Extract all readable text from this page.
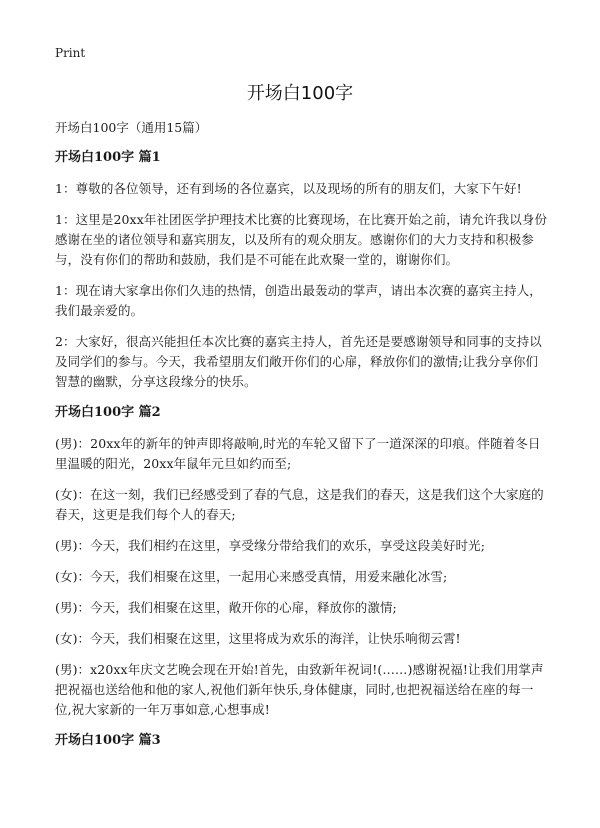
Print
开场白100字

开场白100字（通用15篇）

开场白100字 篇1

1：尊敬的各位领导，还有到场的各位嘉宾，以及现场的所有的朋友们，大家下午好!

1：这里是20xx年社团医学护理技术比赛的比赛现场，在比赛开始之前，请允许我以身份感谢在坐的诸位领导和嘉宾朋友，以及所有的观众朋友。感谢你们的大力支持和积极参与，没有你们的帮助和鼓励，我们是不可能在此欢聚一堂的，谢谢你们。

1：现在请大家拿出你们久违的热情，创造出最轰动的掌声，请出本次赛的嘉宾主持人，我们最亲爱的。

2：大家好，很高兴能担任本次比赛的嘉宾主持人，首先还是要感谢领导和同事的支持以及同学们的参与。今天，我希望朋友们敞开你们的心扉，释放你们的激情;让我分享你们智慧的幽默，分享这段缘分的快乐。

开场白100字 篇2

(男)：20xx年的新年的钟声即将敲响,时光的车轮又留下了一道深深的印痕。伴随着冬日里温暖的阳光，20xx年鼠年元旦如约而至;

(女)：在这一刻，我们已经感受到了春的气息，这是我们的春天，这是我们这个大家庭的春天，这更是我们每个人的春天;

(男)：今天，我们相约在这里，享受缘分带给我们的欢乐，享受这段美好时光;

(女)：今天，我们相聚在这里，一起用心来感受真情，用爱来融化冰雪;

(男)：今天，我们相聚在这里，敞开你的心扉，释放你的激情;

(女)：今天，我们相聚在这里，这里将成为欢乐的海洋，让快乐响彻云霄!

(男)：x20xx年庆文艺晚会现在开始!首先，由致新年祝词!(……)感谢祝福!让我们用掌声把祝福也送给他和他的家人,祝他们新年快乐,身体健康，同时,也把祝福送给在座的每一位,祝大家新的一年万事如意,心想事成!

开场白100字 篇3
